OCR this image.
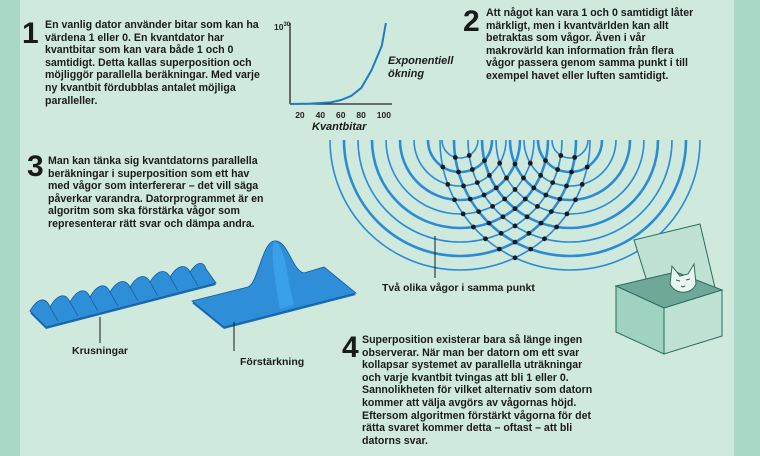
1 En vanlig dator använder bitar som kan ha värdena 1 eller 0. En kvantdator har kvantbitar som kan vara både 1 och 0 samtidigt. Detta kallas superposition och möjliggör parallella beräkningar. Med varje ny kvantbit fördubblas antalet möjliga paralleller.

2 Att något kan vara 1 och 0 samtidigt låter märkligt, men i kvantvärlden kan allt betraktas som vågor. Även i vår makrovärld kan information från flera vågor passera genom samma punkt i till exempel havet eller luften samtidigt.

3 Man kan tänka sig kvantdatorns parallella beräkningar i superposition som ett hav med vågor som interfererar – det vill säga påverkar varandra. Datorprogrammet är en algoritm som ska förstärka vågor som representerar rätt svar och dämpa andra.

4 Superposition existerar bara så länge ingen observerar. När man ber datorn om ett svar kollapsar systemet av parallella uträkningar och varje kvantbit tvingas att bli 1 eller 0. Sannolikheten för vilket alternativ som datorn kommer att välja avgörs av vågornas höjd. Eftersom algoritmen förstärkt vågorna för det rätta svaret kommer detta – oftast – att bli datorns svar.

$10^{30}$
20 40 60 80 100

Kvantbitar

Exponentiell ökning

Två olika vågor i samma punkt

Krusningar

Förstärkning
